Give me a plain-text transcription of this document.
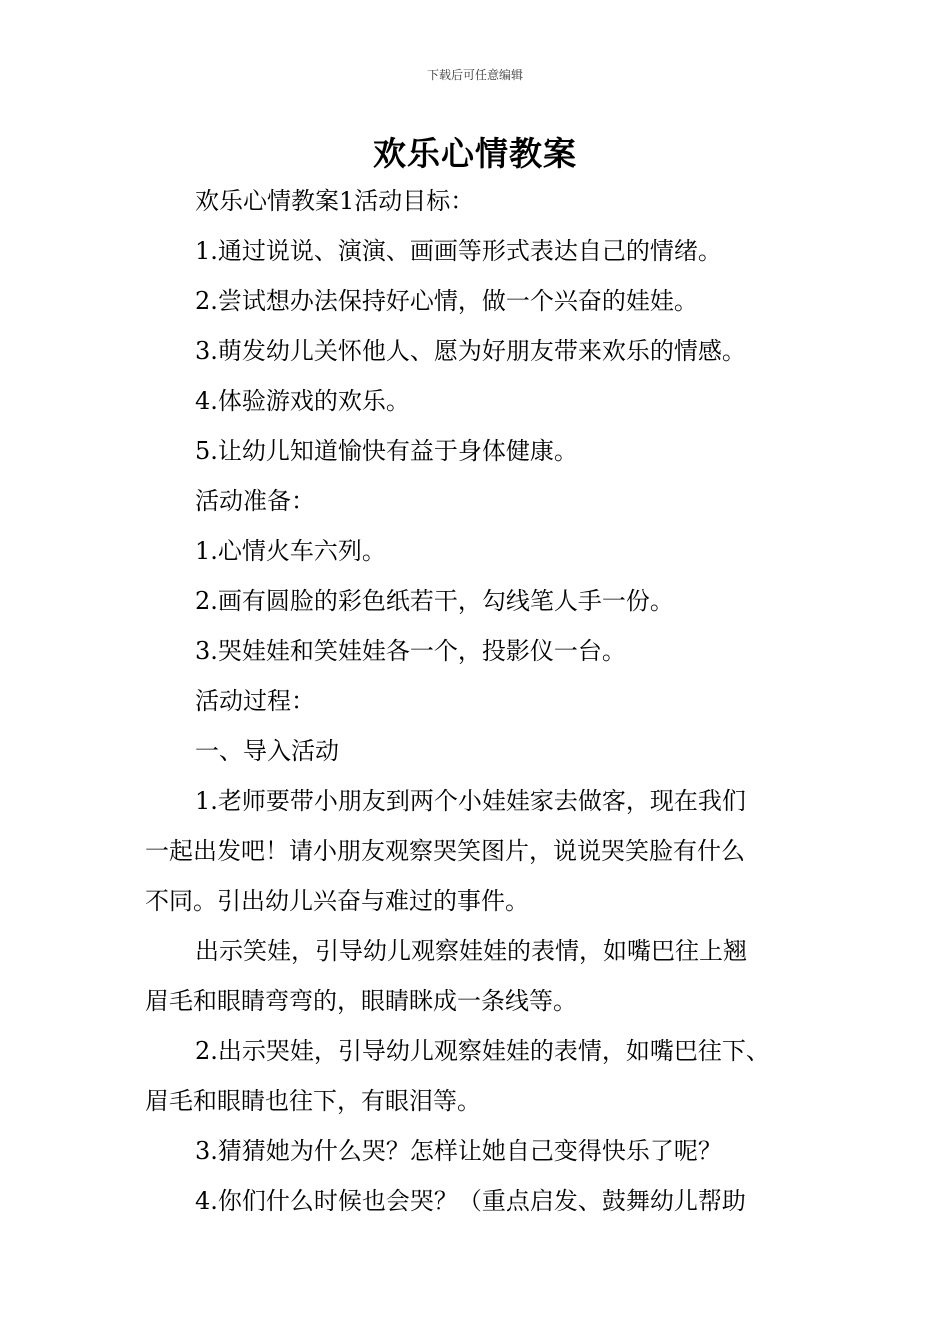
下载后可任意编辑
欢乐心情教案
欢乐心情教案1活动目标：
1.通过说说、演演、画画等形式表达自己的情绪。
2.尝试想办法保持好心情，做一个兴奋的娃娃。
3.萌发幼儿关怀他人、愿为好朋友带来欢乐的情感。
4.体验游戏的欢乐。
5.让幼儿知道愉快有益于身体健康。
活动准备：
1.心情火车六列。
2.画有圆脸的彩色纸若干，勾线笔人手一份。
3.哭娃娃和笑娃娃各一个，投影仪一台。
活动过程：
一、导入活动
1.老师要带小朋友到两个小娃娃家去做客，现在我们
一起出发吧！请小朋友观察哭笑图片，说说哭笑脸有什么
不同。引出幼儿兴奋与难过的事件。
出示笑娃，引导幼儿观察娃娃的表情，如嘴巴往上翘
眉毛和眼睛弯弯的，眼睛眯成一条线等。
2.出示哭娃，引导幼儿观察娃娃的表情，如嘴巴往下、
眉毛和眼睛也往下，有眼泪等。
3.猜猜她为什么哭？怎样让她自己变得快乐了呢？
4.你们什么时候也会哭？（重点启发、鼓舞幼儿帮助
